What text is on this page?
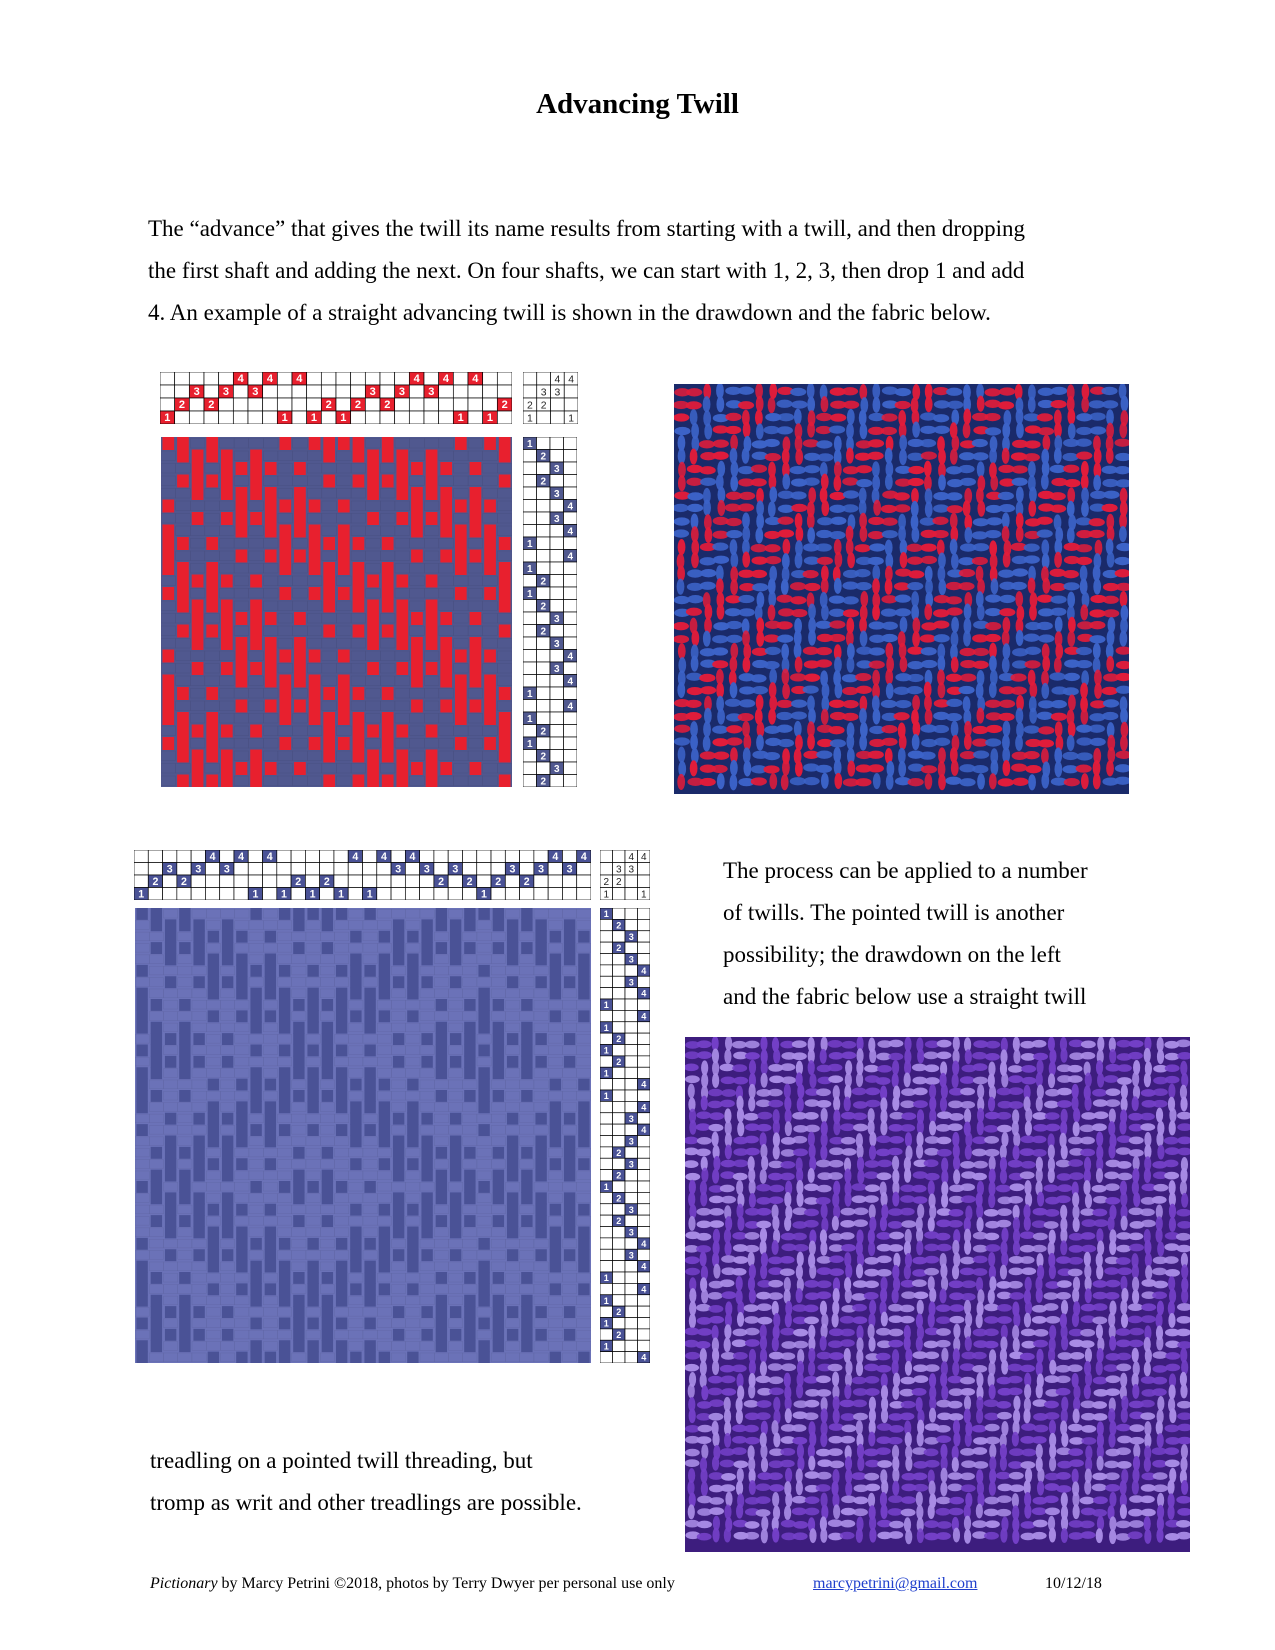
Advancing Twill

The “advance” that gives the twill its name results from starting with a twill, and then dropping
the first shaft and adding the next. On four shafts, we can start with 1, 2, 3, then drop 1 and add
4. An example of a straight advancing twill is shown in the drawdown and the fabric below.

1
2
3
2
3
4
3
4
1
4
1
2
1
2
3
2
3
4
3
4
1
4
1
2 2
1
3
2
4
3
4
1
1
2
3
2
3
4
3
4
1
4
1
2
1
2
3
2
3
4
3
4
1
4
1
2
1
2
3
2
1
2
3
2
3
4
3
4
1
4
1
2
1
2
1
4
1
4
3
4
3
2
3
2
1
2
3
2
3
4
3
4
2
1
3
2
4
3
4
1
1
2
3
2
3
4
3
4
1
4
1
2
1
2
1
4
1
4
3
4
3
2
3
2
1
2
3
2
3
4
3
4
1
4
1
2
1
2
1
4

The process can be applied to a number
of twills. The pointed twill is another
possibility; the drawdown on the left
and the fabric below use a straight twill

treadling on a pointed twill threading, but
tromp as writ and other treadlings are possible.

Pictionary by Marcy Petrini ©2018, photos by Terry Dwyer per personal use only	marcypetrini@gmail.com	10/12/18
